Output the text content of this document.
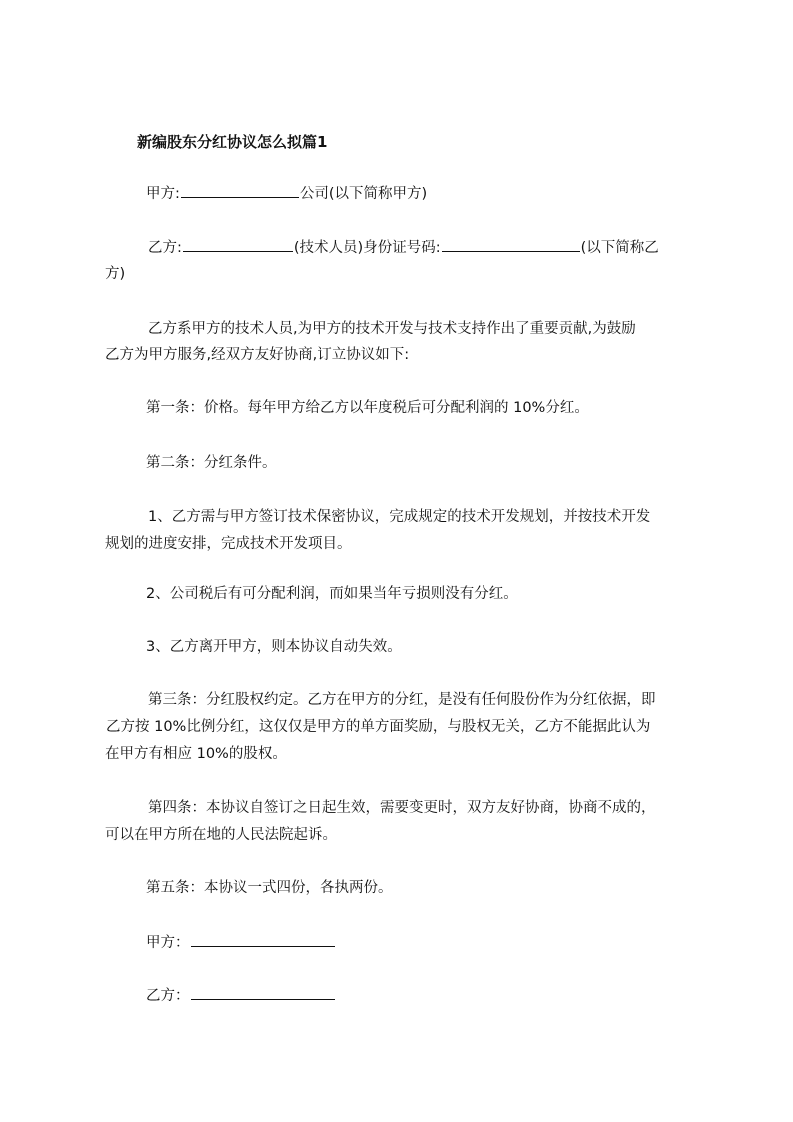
新编股东分红协议怎么拟篇1
甲方:	公司(以下简称甲方)
乙方:	(技术人员)身份证号码:	(以下简称乙
方)
乙方系甲方的技术人员,为甲方的技术开发与技术支持作出了重要贡献,为鼓励
乙方为甲方服务,经双方友好协商,订立协议如下:
第一条：价格。每年甲方给乙方以年度税后可分配利润的 10%分红。
第二条：分红条件。
1、乙方需与甲方签订技术保密协议，完成规定的技术开发规划，并按技术开发
规划的进度安排，完成技术开发项目。
2、公司税后有可分配利润，而如果当年亏损则没有分红。
3、乙方离开甲方，则本协议自动失效。
第三条：分红股权约定。乙方在甲方的分红，是没有任何股份作为分红依据，即
乙方按 10%比例分红，这仅仅是甲方的单方面奖励，与股权无关，乙方不能据此认为
在甲方有相应 10%的股权。
第四条：本协议自签订之日起生效，需要变更时，双方友好协商，协商不成的，
可以在甲方所在地的人民法院起诉。
第五条：本协议一式四份，各执两份。
甲方：
乙方：
